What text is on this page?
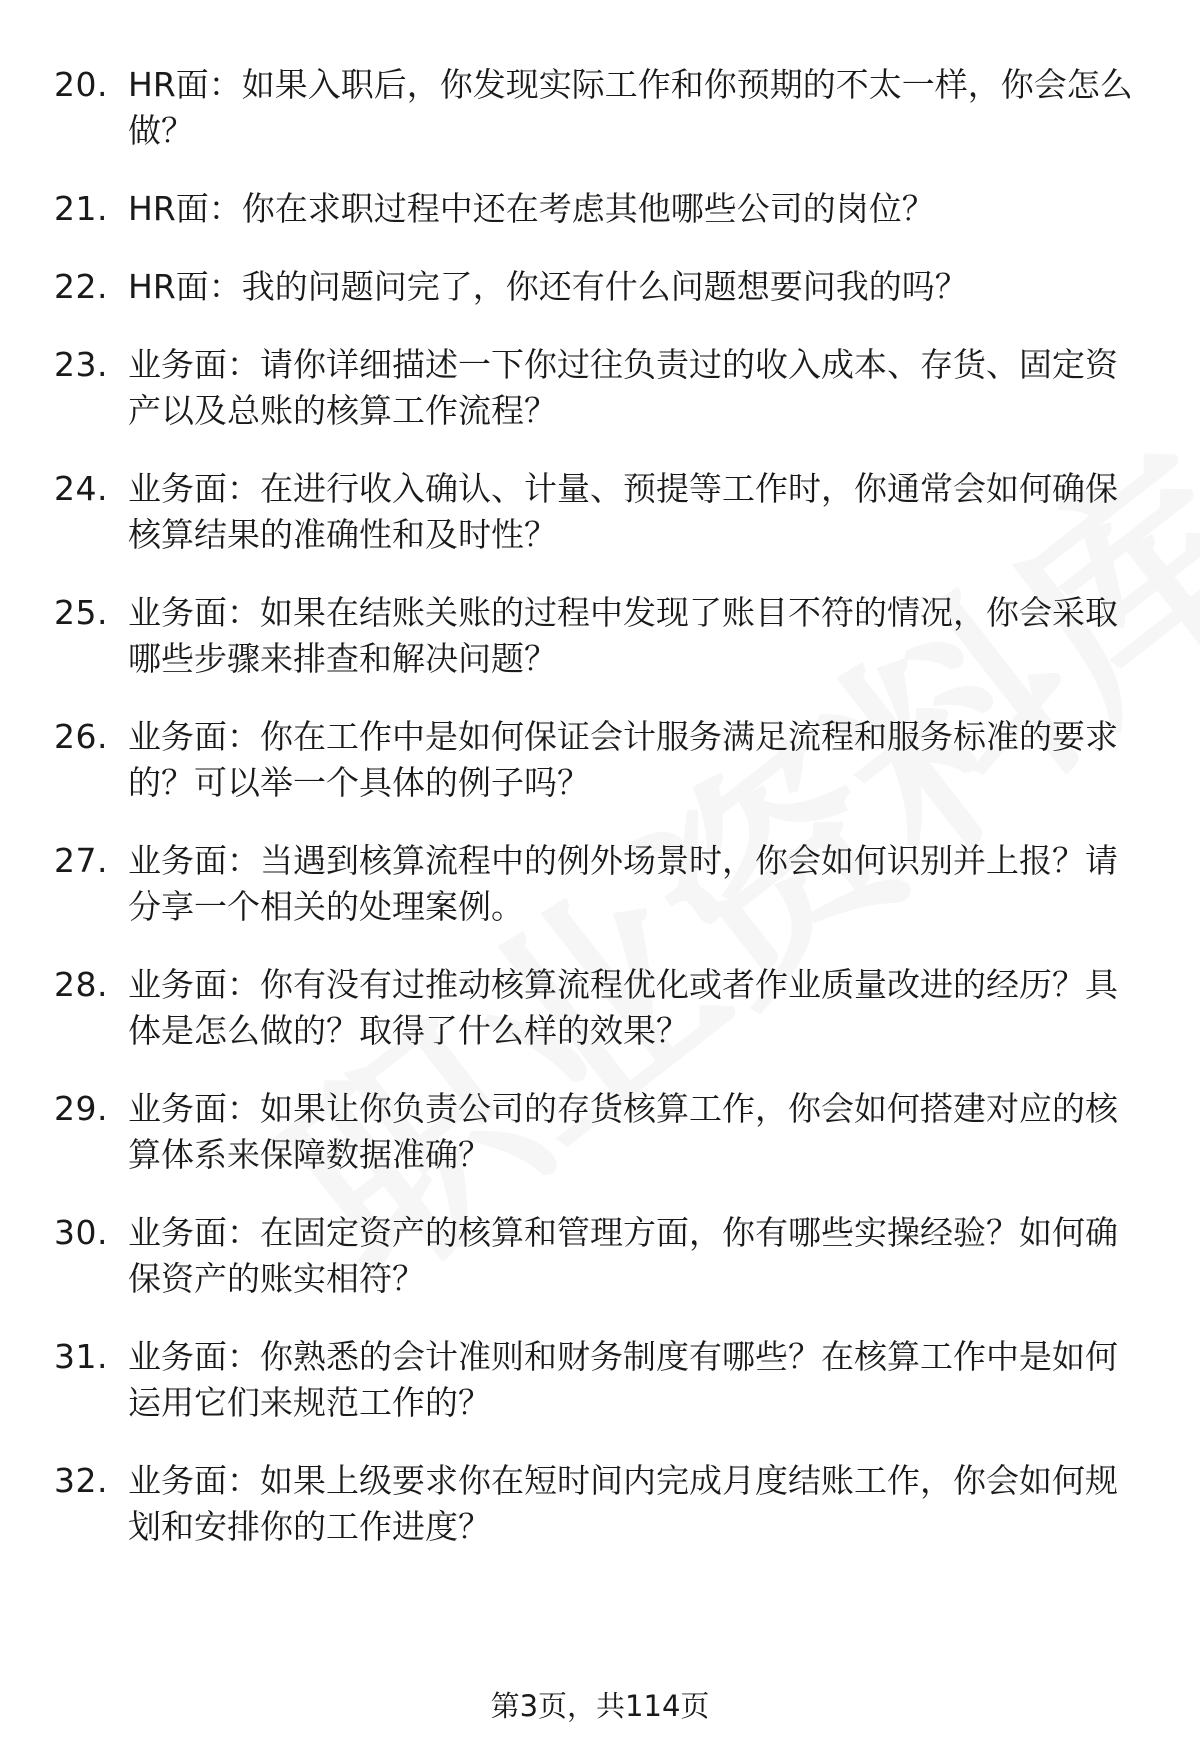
20. HR面：如果入职后，你发现实际工作和你预期的不太一样，你会怎么做？
21. HR面：你在求职过程中还在考虑其他哪些公司的岗位？
22. HR面：我的问题问完了，你还有什么问题想要问我的吗？
23. 业务面：请你详细描述一下你过往负责过的收入成本、存货、固定资产以及总账的核算工作流程？
24. 业务面：在进行收入确认、计量、预提等工作时，你通常会如何确保核算结果的准确性和及时性？
25. 业务面：如果在结账关账的过程中发现了账目不符的情况，你会采取哪些步骤来排查和解决问题？
26. 业务面：你在工作中是如何保证会计服务满足流程和服务标准的要求的？可以举一个具体的例子吗？
27. 业务面：当遇到核算流程中的例外场景时，你会如何识别并上报？请分享一个相关的处理案例。
28. 业务面：你有没有过推动核算流程优化或者作业质量改进的经历？具体是怎么做的？取得了什么样的效果？
29. 业务面：如果让你负责公司的存货核算工作，你会如何搭建对应的核算体系来保障数据准确？
30. 业务面：在固定资产的核算和管理方面，你有哪些实操经验？如何确保资产的账实相符？
31. 业务面：你熟悉的会计准则和财务制度有哪些？在核算工作中是如何运用它们来规范工作的？
32. 业务面：如果上级要求你在短时间内完成月度结账工作，你会如何规划和安排你的工作进度？
第3页，共114页
